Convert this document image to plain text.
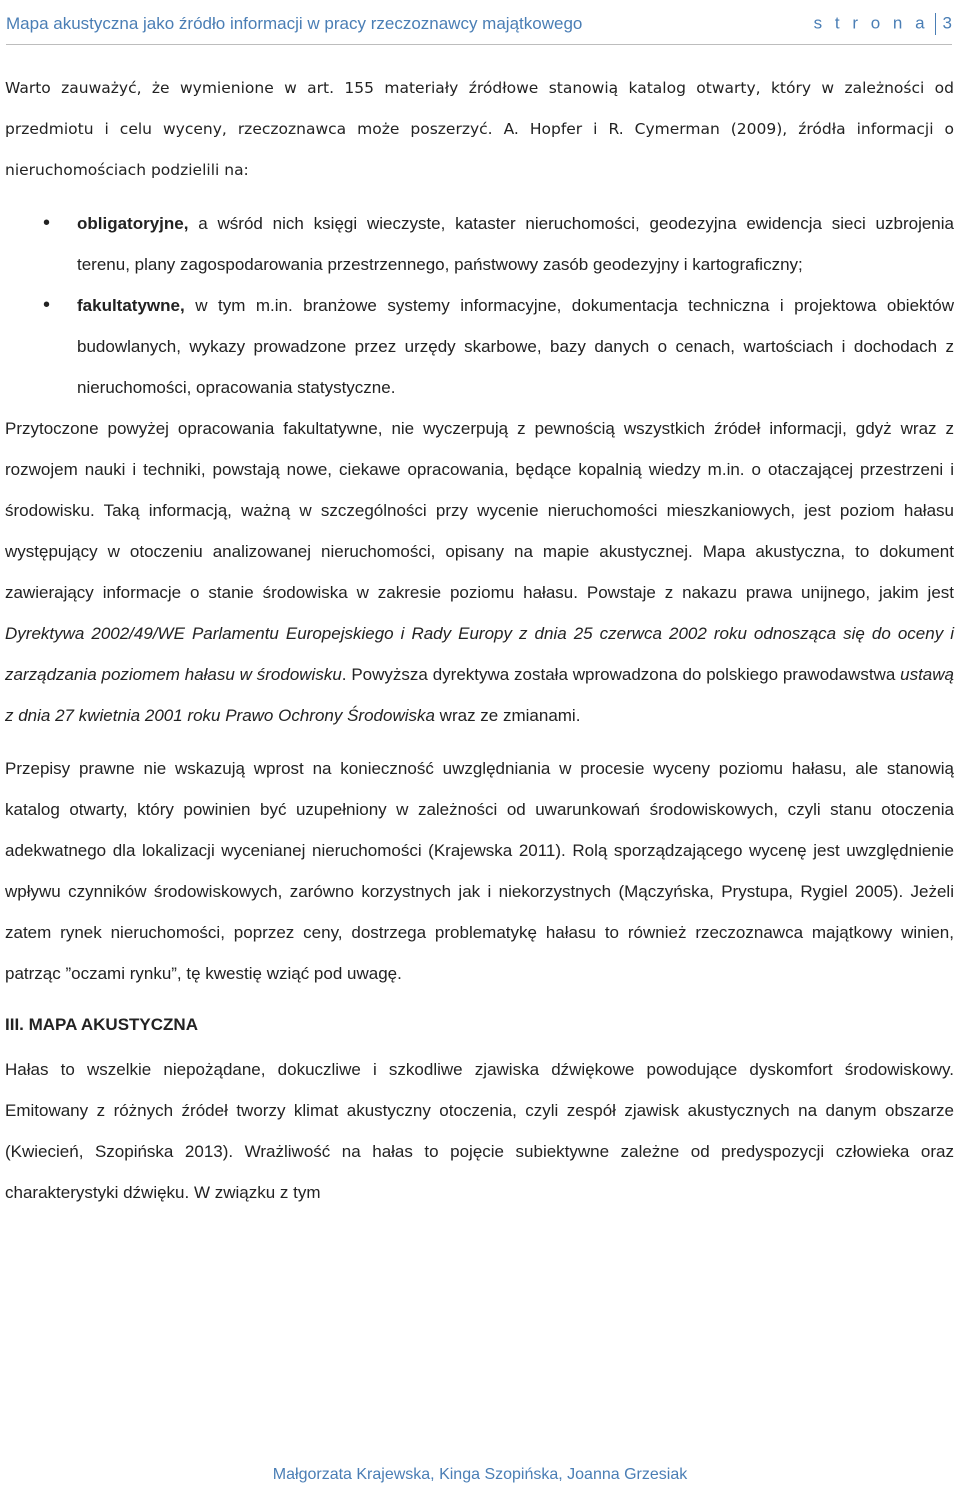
Mapa akustyczna jako źródło informacji w pracy rzeczoznawcy majątkowego	s t r o n a 3

Warto zauważyć, że wymienione w art. 155 materiały źródłowe stanowią katalog otwarty, który w zależności od przedmiotu i celu wyceny, rzeczoznawca może poszerzyć. A. Hopfer i R. Cymerman (2009), źródła informacji o nieruchomościach podzielili na:

• obligatoryjne, a wśród nich księgi wieczyste, kataster nieruchomości, geodezyjna ewidencja sieci uzbrojenia terenu, plany zagospodarowania przestrzennego, państwowy zasób geodezyjny i kartograficzny;
• fakultatywne, w tym m.in. branżowe systemy informacyjne, dokumentacja techniczna i projektowa obiektów budowlanych, wykazy prowadzone przez urzędy skarbowe, bazy danych o cenach, wartościach i dochodach z nieruchomości, opracowania statystyczne.

Przytoczone powyżej opracowania fakultatywne, nie wyczerpują z pewnością wszystkich źródeł informacji, gdyż wraz z rozwojem nauki i techniki, powstają nowe, ciekawe opracowania, będące kopalnią wiedzy m.in. o otaczającej przestrzeni i środowisku. Taką informacją, ważną w szczególności przy wycenie nieruchomości mieszkaniowych, jest poziom hałasu występujący w otoczeniu analizowanej nieruchomości, opisany na mapie akustycznej. Mapa akustyczna, to dokument zawierający informacje o stanie środowiska w zakresie poziomu hałasu. Powstaje z nakazu prawa unijnego, jakim jest Dyrektywa 2002/49/WE Parlamentu Europejskiego i Rady Europy z dnia 25 czerwca 2002 roku odnosząca się do oceny i zarządzania poziomem hałasu w środowisku. Powyższa dyrektywa została wprowadzona do polskiego prawodawstwa ustawą z dnia 27 kwietnia 2001 roku Prawo Ochrony Środowiska wraz ze zmianami.

Przepisy prawne nie wskazują wprost na konieczność uwzględniania w procesie wyceny poziomu hałasu, ale stanowią katalog otwarty, który powinien być uzupełniony w zależności od uwarunkowań środowiskowych, czyli stanu otoczenia adekwatnego dla lokalizacji wycenianej nieruchomości (Krajewska 2011). Rolą sporządzającego wycenę jest uwzględnienie wpływu czynników środowiskowych, zarówno korzystnych jak i niekorzystnych (Mączyńska, Prystupa, Rygiel 2005). Jeżeli zatem rynek nieruchomości, poprzez ceny, dostrzega problematykę hałasu to również rzeczoznawca majątkowy winien, patrząc ”oczami rynku”, tę kwestię wziąć pod uwagę.

III. MAPA AKUSTYCZNA

Hałas to wszelkie niepożądane, dokuczliwe i szkodliwe zjawiska dźwiękowe powodujące dyskomfort środowiskowy. Emitowany z różnych źródeł tworzy klimat akustyczny otoczenia, czyli zespół zjawisk akustycznych na danym obszarze (Kwiecień, Szopińska 2013). Wrażliwość na hałas to pojęcie subiektywne zależne od predyspozycji człowieka oraz charakterystyki dźwięku. W związku z tym

Małgorzata Krajewska, Kinga Szopińska, Joanna Grzesiak
